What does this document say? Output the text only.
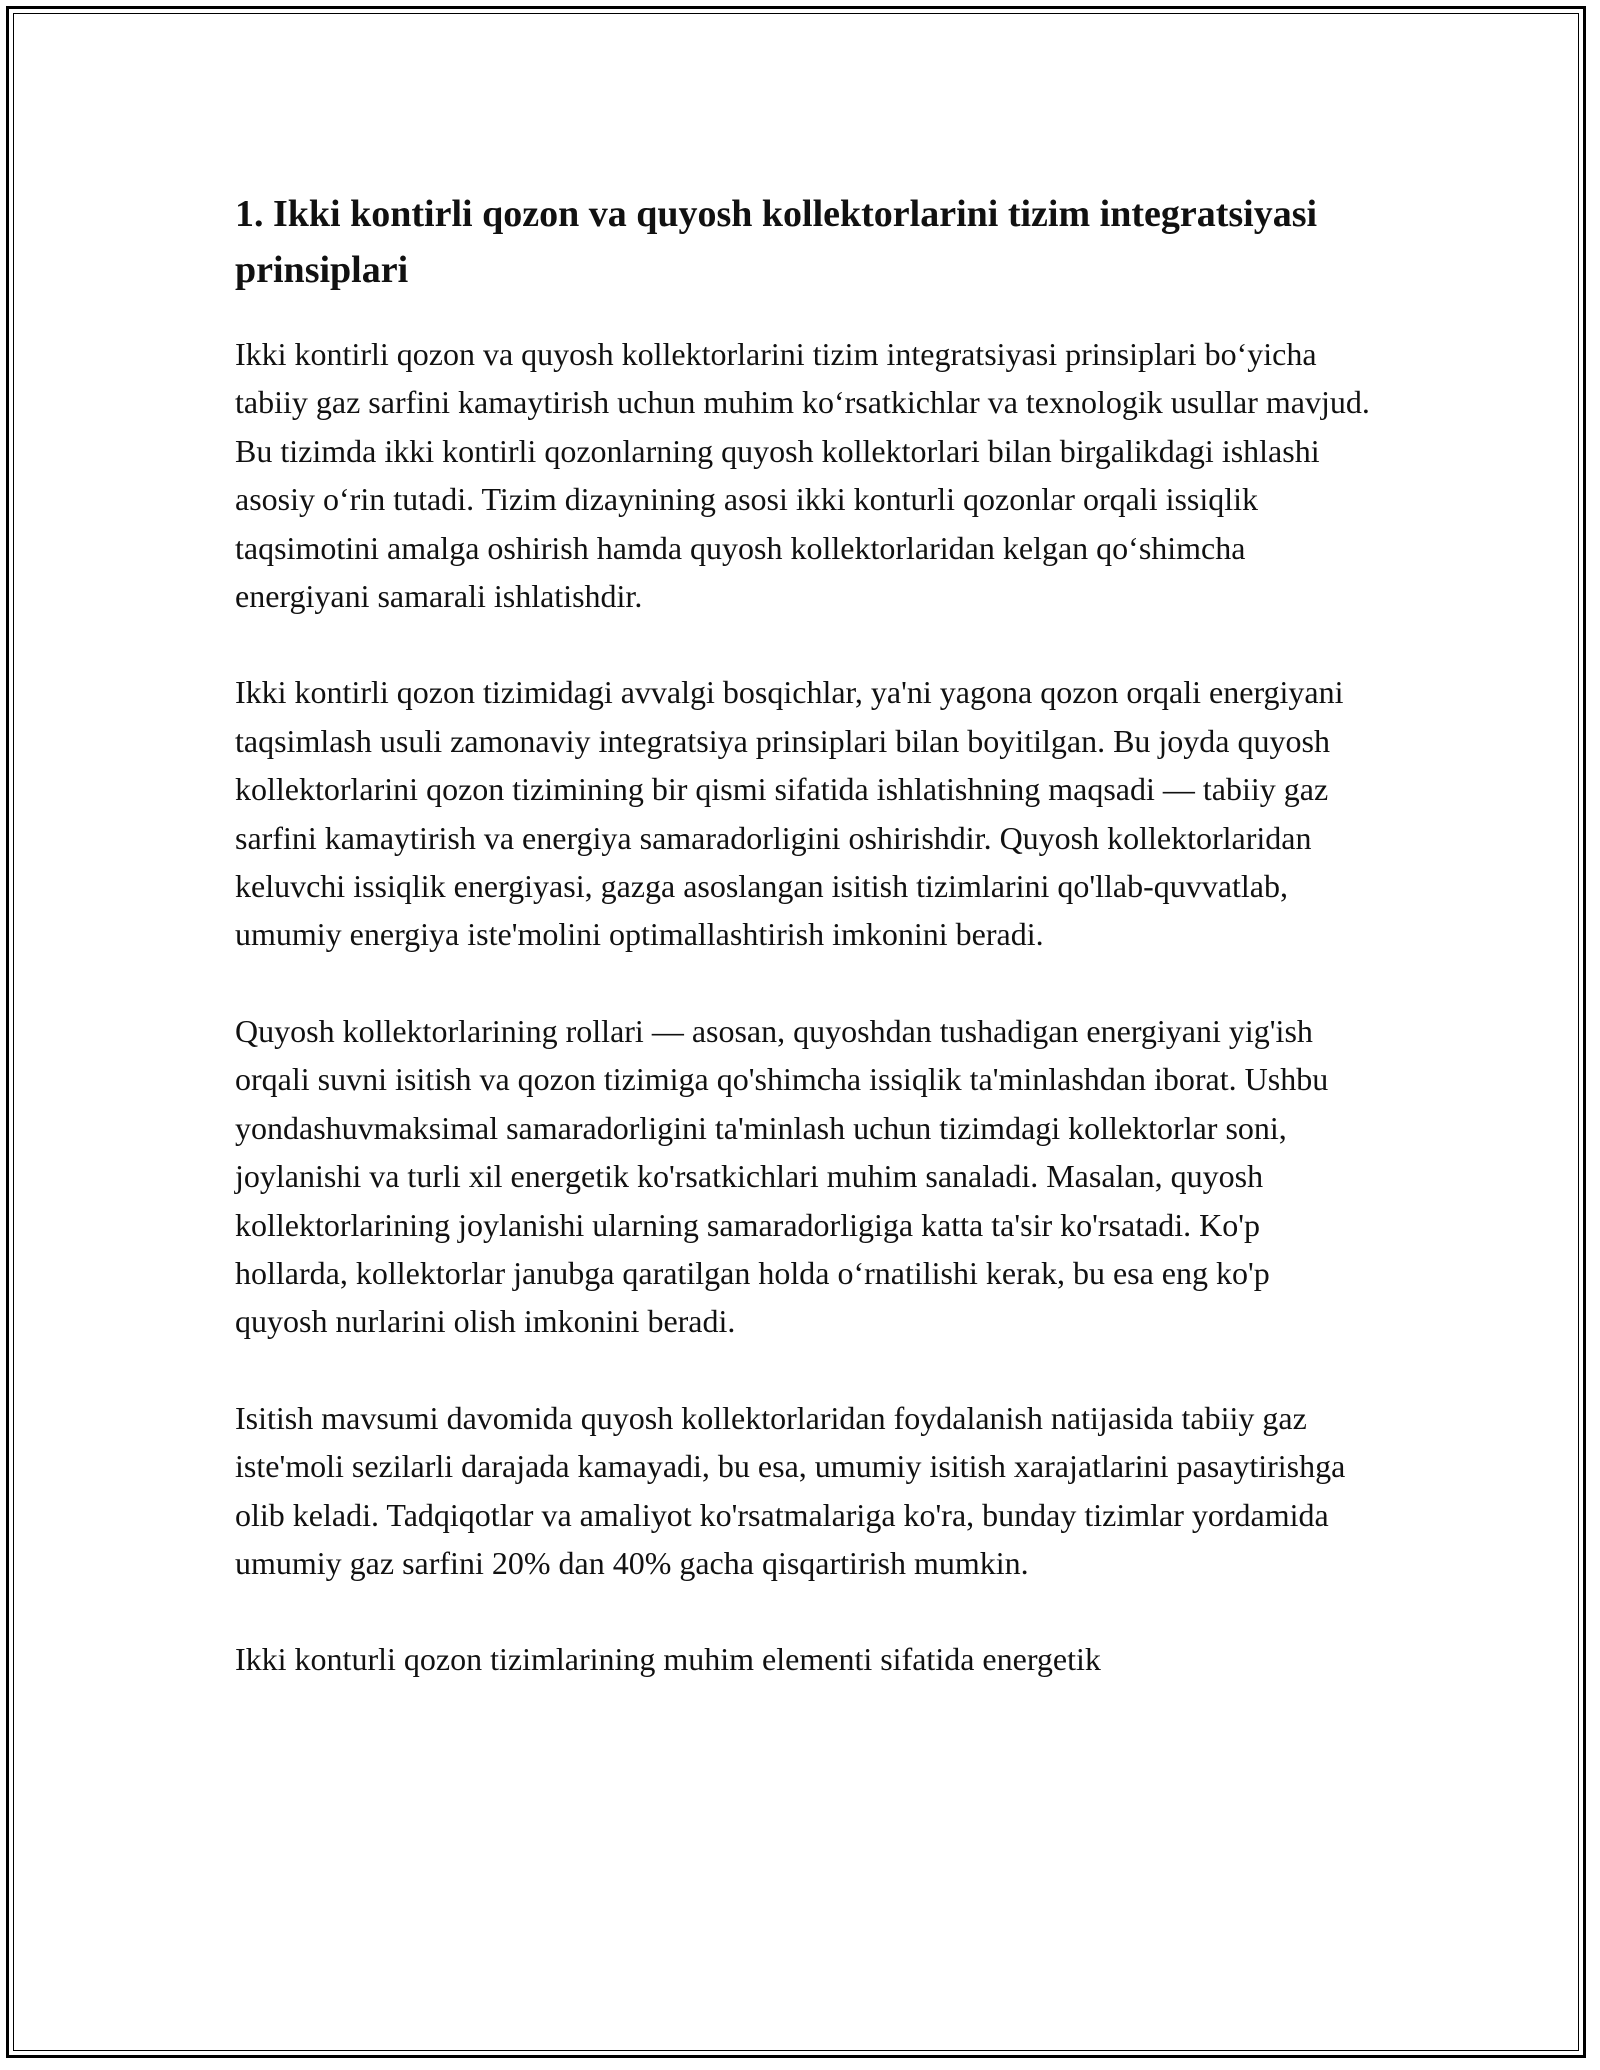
1. Ikki kontirli qozon va quyosh kollektorlarini tizim integratsiyasi prinsiplari

Ikki kontirli qozon va quyosh kollektorlarini tizim integratsiyasi prinsiplari bo‘yicha tabiiy gaz sarfini kamaytirish uchun muhim ko‘rsatkichlar va texnologik usullar mavjud. Bu tizimda ikki kontirli qozonlarning quyosh kollektorlari bilan birgalikdagi ishlashi asosiy o‘rin tutadi. Tizim dizaynining asosi ikki konturli qozonlar orqali issiqlik taqsimotini amalga oshirish hamda quyosh kollektorlaridan kelgan qo‘shimcha energiyani samarali ishlatishdir.

Ikki kontirli qozon tizimidagi avvalgi bosqichlar, ya'ni yagona qozon orqali energiyani taqsimlash usuli zamonaviy integratsiya prinsiplari bilan boyitilgan. Bu joyda quyosh kollektorlarini qozon tizimining bir qismi sifatida ishlatishning maqsadi — tabiiy gaz sarfini kamaytirish va energiya samaradorligini oshirishdir. Quyosh kollektorlaridan keluvchi issiqlik energiyasi, gazga asoslangan isitish tizimlarini qo'llab-quvvatlab, umumiy energiya iste'molini optimallashtirish imkonini beradi.

Quyosh kollektorlarining rollari — asosan, quyoshdan tushadigan energiyani yig'ish orqali suvni isitish va qozon tizimiga qo'shimcha issiqlik ta'minlashdan iborat. Ushbu yondashuvmaksimal samaradorligini ta'minlash uchun tizimdagi kollektorlar soni, joylanishi va turli xil energetik ko'rsatkichlari muhim sanaladi. Masalan, quyosh kollektorlarining joylanishi ularning samaradorligiga katta ta'sir ko'rsatadi. Ko'p hollarda, kollektorlar janubga qaratilgan holda o‘rnatilishi kerak, bu esa eng ko'p quyosh nurlarini olish imkonini beradi.

Isitish mavsumi davomida quyosh kollektorlaridan foydalanish natijasida tabiiy gaz iste'moli sezilarli darajada kamayadi, bu esa, umumiy isitish xarajatlarini pasaytirishga olib keladi. Tadqiqotlar va amaliyot ko'rsatmalariga ko'ra, bunday tizimlar yordamida umumiy gaz sarfini 20% dan 40% gacha qisqartirish mumkin.

Ikki konturli qozon tizimlarining muhim elementi sifatida energetik
